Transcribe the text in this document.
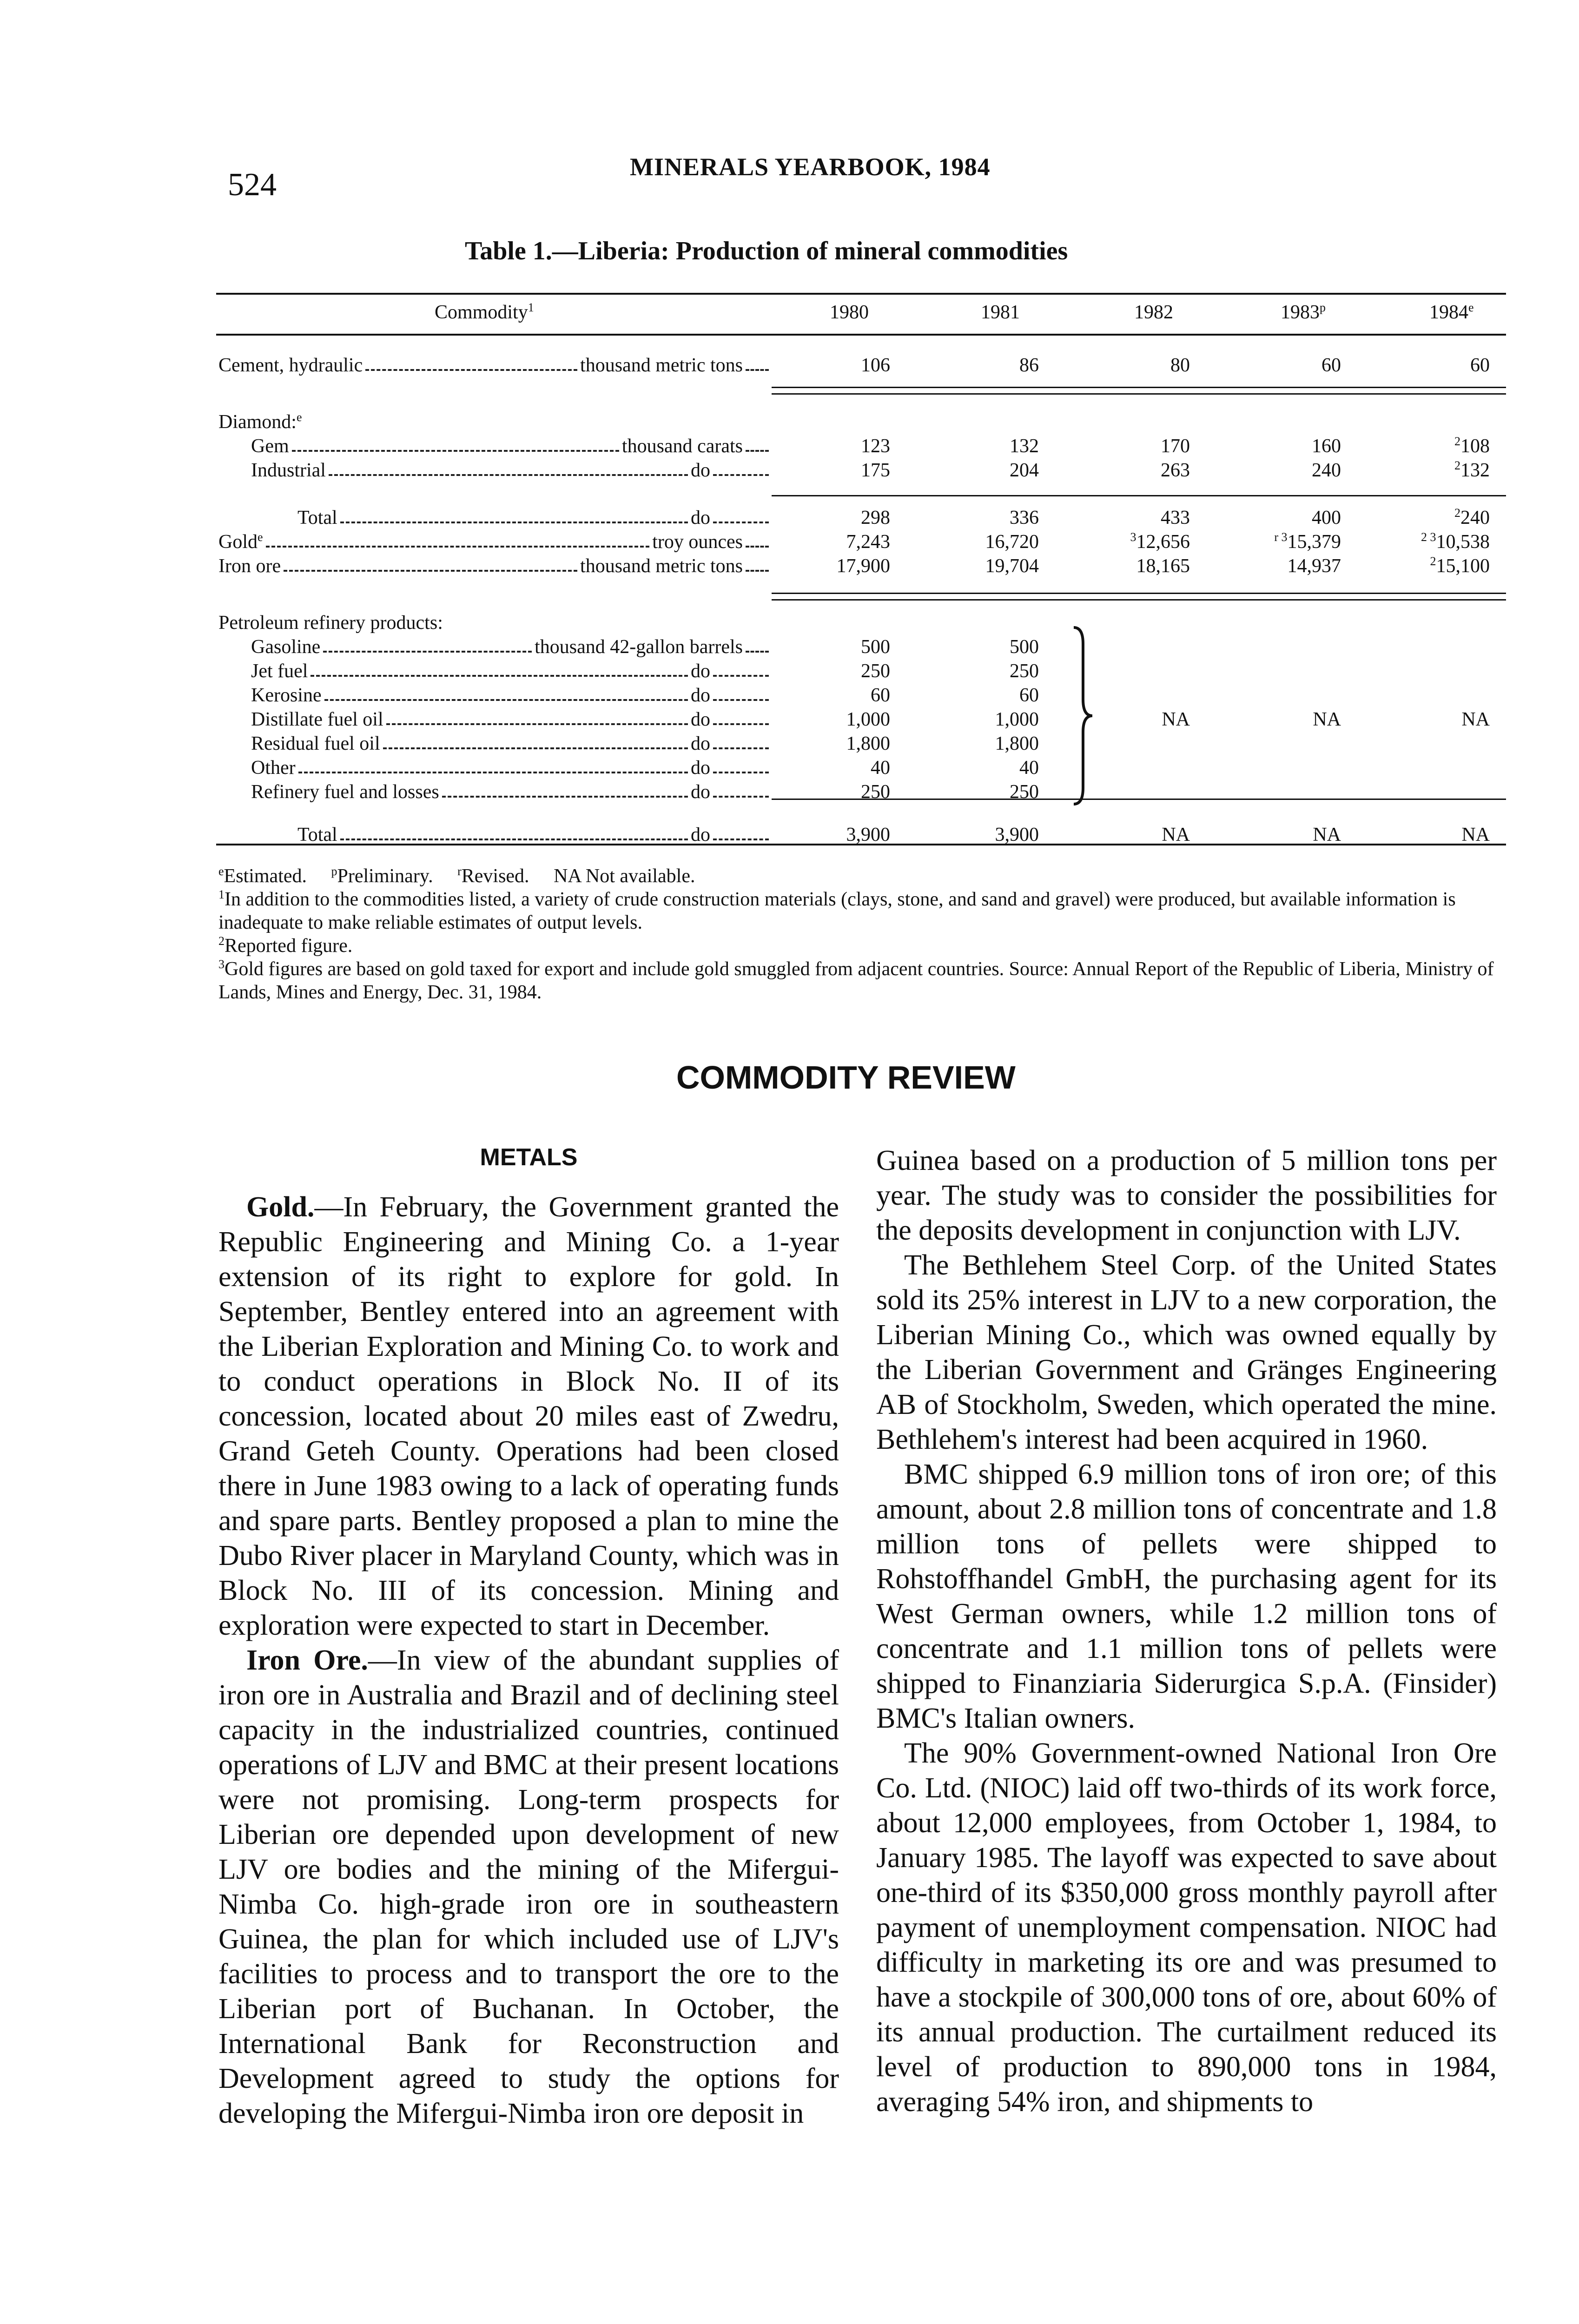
524	MINERALS YEARBOOK, 1984
Table 1.—Liberia: Production of mineral commodities
Commodity$^1$	1980	1981	1982	1983$^p$	1984e

Cement, hydraulic thousand metric tons	106	86	80	60	60

Diamond:$^e$	

Gem thousand carats	123	132	170	160	$^2$108

Industrial do	175	204	263	240	$^2$132

Total do	298	336	433	400	$^2$240

Gold$^e$ troy ounces	7,243	16,720	$^3$12,656	$^{r 3}$15,379	$^{2 3}$10,538

Iron ore thousand metric tons	17,900	19,704	18,165	14,937	$^2$15,100

Petroleum refinery products:					

Gasoline thousand 42-gallon barrels	500	500			

Jet fuel do	250	250			

Kerosine do	60	60			

Distillate fuel oil do	1,000	1,000	NA	NA	NA

Residual fuel oil do	1,800	1,800			

Other do	40	40			

Refinery fuel and losses do	250	250			

Total do	3,900	3,900	NA	NA	NA

$^e$Estimated. $^p$Preliminary. $^r$Revised. NA Not available.

$^1$In addition to the commodities listed, a variety of crude construction materials (clays, stone, and sand and gravel) were produced, but available information is inadequate to make reliable estimates of output levels.

$^2$Reported figure.

$^3$Gold figures are based on gold taxed for export and include gold smuggled from adjacent countries. Source: Annual Report of the Republic of Liberia, Ministry of Lands, Mines and Energy, Dec. 31, 1984.

COMMODITY REVIEW

METALS

Gold.—In February, the Government granted the Republic Engineering and Mining Co. a 1-year extension of its right to explore for gold. In September, Bentley entered into an agreement with the Liberian Exploration and Mining Co. to work and to conduct operations in Block No. II of its concession, located about 20 miles east of Zwedru, Grand Geteh County. Operations had been closed there in June 1983 owing to a lack of operating funds and spare parts. Bentley proposed a plan to mine the Dubo River placer in Maryland County, which was in Block No. III of its concession. Mining and exploration were expected to start in December.

Iron Ore.—In view of the abundant supplies of iron ore in Australia and Brazil and of declining steel capacity in the industrialized countries, continued operations of LJV and BMC at their present locations were not promising. Long-term prospects for Liberian ore depended upon development of new LJV ore bodies and the mining of the Mifergui-Nimba Co. high-grade iron ore in southeastern Guinea, the plan for which included use of LJV's facilities to process and to transport the ore to the Liberian port of Buchanan. In October, the International Bank for Reconstruction and Development agreed to study the options for developing the Mifergui-Nimba iron ore deposit in

Guinea based on a production of 5 million tons per year. The study was to consider the possibilities for the deposits development in conjunction with LJV.

The Bethlehem Steel Corp. of the United States sold its 25% interest in LJV to a new corporation, the Liberian Mining Co., which was owned equally by the Liberian Government and Gränges Engineering AB of Stockholm, Sweden, which operated the mine. Bethlehem's interest had been acquired in 1960.

BMC shipped 6.9 million tons of iron ore; of this amount, about 2.8 million tons of concentrate and 1.8 million tons of pellets were shipped to Rohstoffhandel GmbH, the purchasing agent for its West German owners, while 1.2 million tons of concentrate and 1.1 million tons of pellets were shipped to Finanziaria Siderurgica S.p.A. (Finsider) BMC's Italian owners.

The 90% Government-owned National Iron Ore Co. Ltd. (NIOC) laid off two-thirds of its work force, about 12,000 employees, from October 1, 1984, to January 1985. The layoff was expected to save about one-third of its $350,000 gross monthly payroll after payment of unemployment compensation. NIOC had difficulty in marketing its ore and was presumed to have a stockpile of 300,000 tons of ore, about 60% of its annual production. The curtailment reduced its level of production to 890,000 tons in 1984, averaging 54% iron, and shipments to
